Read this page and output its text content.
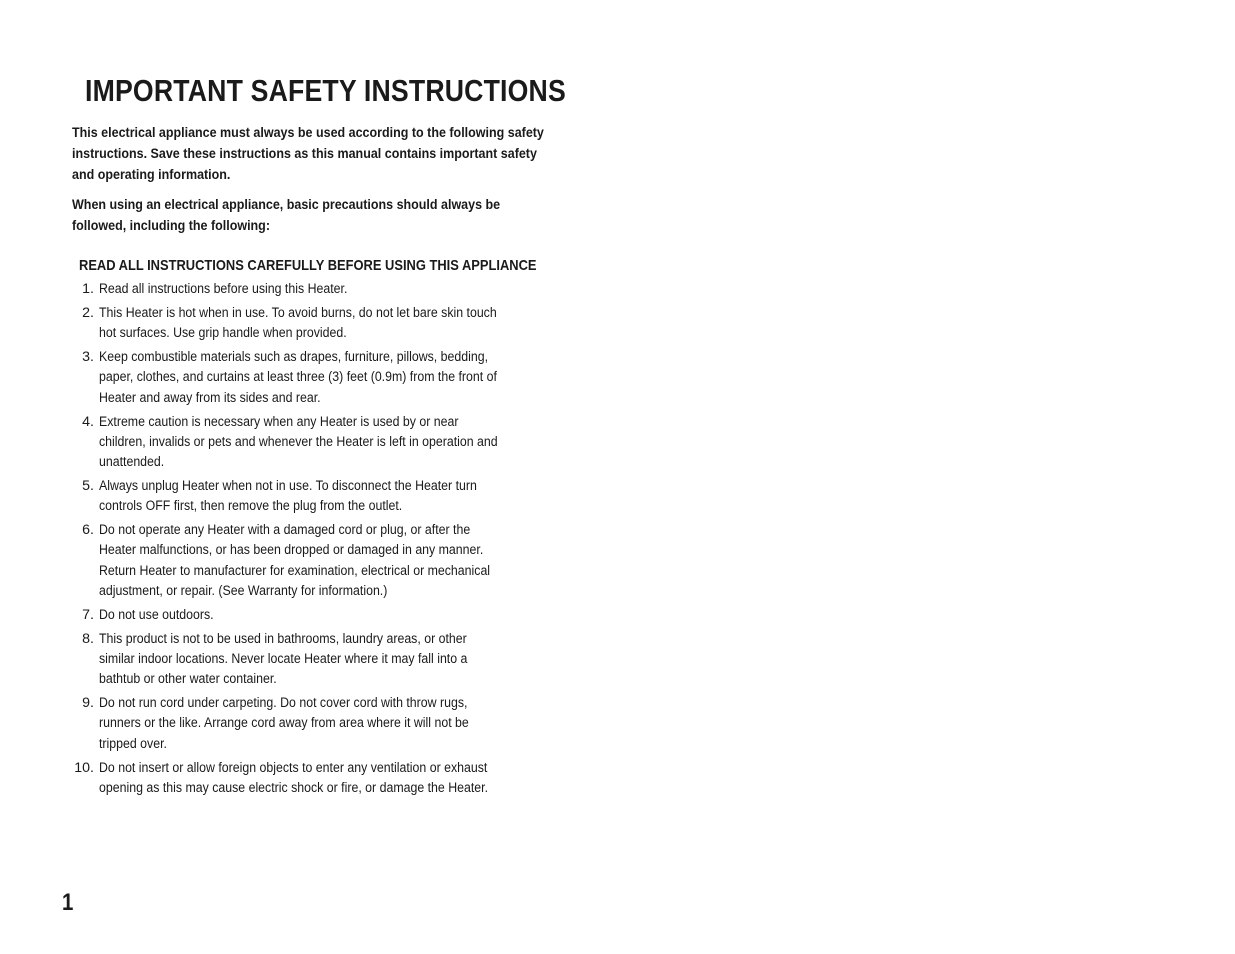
IMPORTANT SAFETY INSTRUCTIONS

This electrical appliance must always be used according to the following safety instructions. Save these instructions as this manual contains important safety and operating information.

When using an electrical appliance, basic precautions should always be followed, including the following:

READ ALL INSTRUCTIONS CAREFULLY BEFORE USING THIS APPLIANCE
1. Read all instructions before using this Heater.
2. This Heater is hot when in use. To avoid burns, do not let bare skin touch hot surfaces. Use grip handle when provided.
3. Keep combustible materials such as drapes, furniture, pillows, bedding, paper, clothes, and curtains at least three (3) feet (0.9m) from the front of Heater and away from its sides and rear.
4. Extreme caution is necessary when any Heater is used by or near children, invalids or pets and whenever the Heater is left in operation and unattended.
5. Always unplug Heater when not in use. To disconnect the Heater turn controls OFF first, then remove the plug from the outlet.
6. Do not operate any Heater with a damaged cord or plug, or after the Heater malfunctions, or has been dropped or damaged in any manner. Return Heater to manufacturer for examination, electrical or mechanical adjustment, or repair. (See Warranty for information.)
7. Do not use outdoors.
8. This product is not to be used in bathrooms, laundry areas, or other similar indoor locations. Never locate Heater where it may fall into a bathtub or other water container.
9. Do not run cord under carpeting. Do not cover cord with throw rugs, runners or the like. Arrange cord away from area where it will not be tripped over.
10. Do not insert or allow foreign objects to enter any ventilation or exhaust opening as this may cause electric shock or fire, or damage the Heater.
1
